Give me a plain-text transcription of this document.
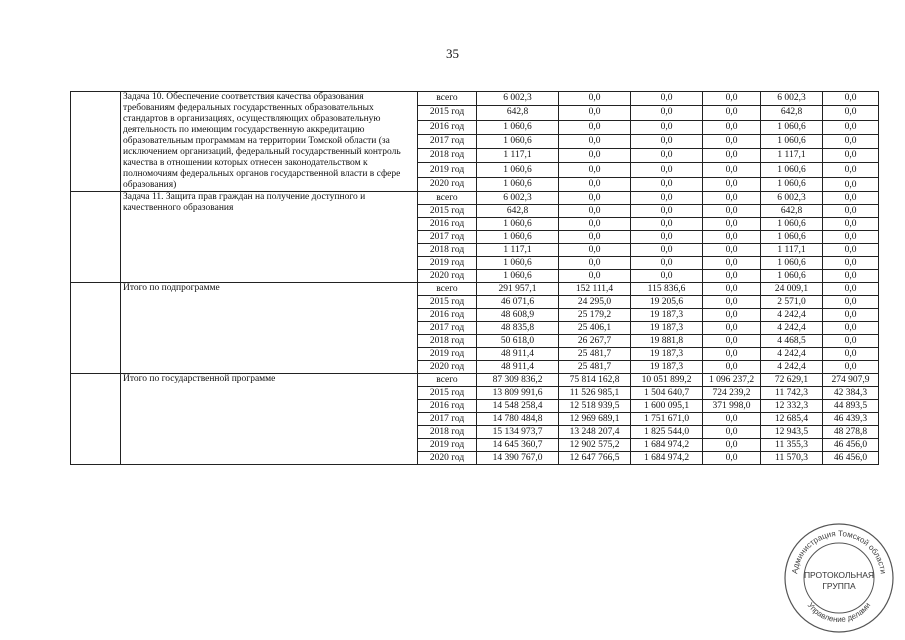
35
	Задача 10. Обеспечение соответствия качества образования требованиям федеральных государственных образовательных стандартов в организациях, осуществляющих образовательную деятельность по имеющим государственную аккредитацию образовательным программам на территории Томской области (за исключением организаций, федеральный государственный контроль качества в отношении которых отнесен законодательством к полномочиям федеральных органов государственной власти в сфере образования)	всего	6 002,3	0,0	0,0	0,0	6 002,3	0,0
		2015 год	642,8	0,0	0,0	0,0	642,8	0,0
		2016 год	1 060,6	0,0	0,0	0,0	1 060,6	0,0
		2017 год	1 060,6	0,0	0,0	0,0	1 060,6	0,0
		2018 год	1 117,1	0,0	0,0	0,0	1 117,1	0,0
		2019 год	1 060,6	0,0	0,0	0,0	1 060,6	0,0
		2020 год	1 060,6	0,0	0,0	0,0	1 060,6	0,0
	Задача 11. Защита прав граждан на получение доступного и качественного образования	всего	6 002,3	0,0	0,0	0,0	6 002,3	0,0
		2015 год	642,8	0,0	0,0	0,0	642,8	0,0
		2016 год	1 060,6	0,0	0,0	0,0	1 060,6	0,0
		2017 год	1 060,6	0,0	0,0	0,0	1 060,6	0,0
		2018 год	1 117,1	0,0	0,0	0,0	1 117,1	0,0
		2019 год	1 060,6	0,0	0,0	0,0	1 060,6	0,0
		2020 год	1 060,6	0,0	0,0	0,0	1 060,6	0,0
	Итого по подпрограмме	всего	291 957,1	152 111,4	115 836,6	0,0	24 009,1	0,0
		2015 год	46 071,6	24 295,0	19 205,6	0,0	2 571,0	0,0
		2016 год	48 608,9	25 179,2	19 187,3	0,0	4 242,4	0,0
		2017 год	48 835,8	25 406,1	19 187,3	0,0	4 242,4	0,0
		2018 год	50 618,0	26 267,7	19 881,8	0,0	4 468,5	0,0
		2019 год	48 911,4	25 481,7	19 187,3	0,0	4 242,4	0,0
		2020 год	48 911,4	25 481,7	19 187,3	0,0	4 242,4	0,0
	Итого по государственной программе	всего	87 309 836,2	75 814 162,8	10 051 899,2	1 096 237,2	72 629,1	274 907,9
		2015 год	13 809 991,6	11 526 985,1	1 504 640,7	724 239,2	11 742,3	42 384,3
		2016 год	14 548 258,4	12 518 939,5	1 600 095,1	371 998,0	12 332,3	44 893,5
		2017 год	14 780 484,8	12 969 689,1	1 751 671,0	0,0	12 685,4	46 439,3
		2018 год	15 134 973,7	13 248 207,4	1 825 544,0	0,0	12 943,5	48 278,8
		2019 год	14 645 360,7	12 902 575,2	1 684 974,2	0,0	11 355,3	46 456,0
		2020 год	14 390 767,0	12 647 766,5	1 684 974,2	0,0	11 570,3	46 456,0
Администрация Томской области
Управление делами
ПРОТОКОЛЬНАЯ
ГРУППА
